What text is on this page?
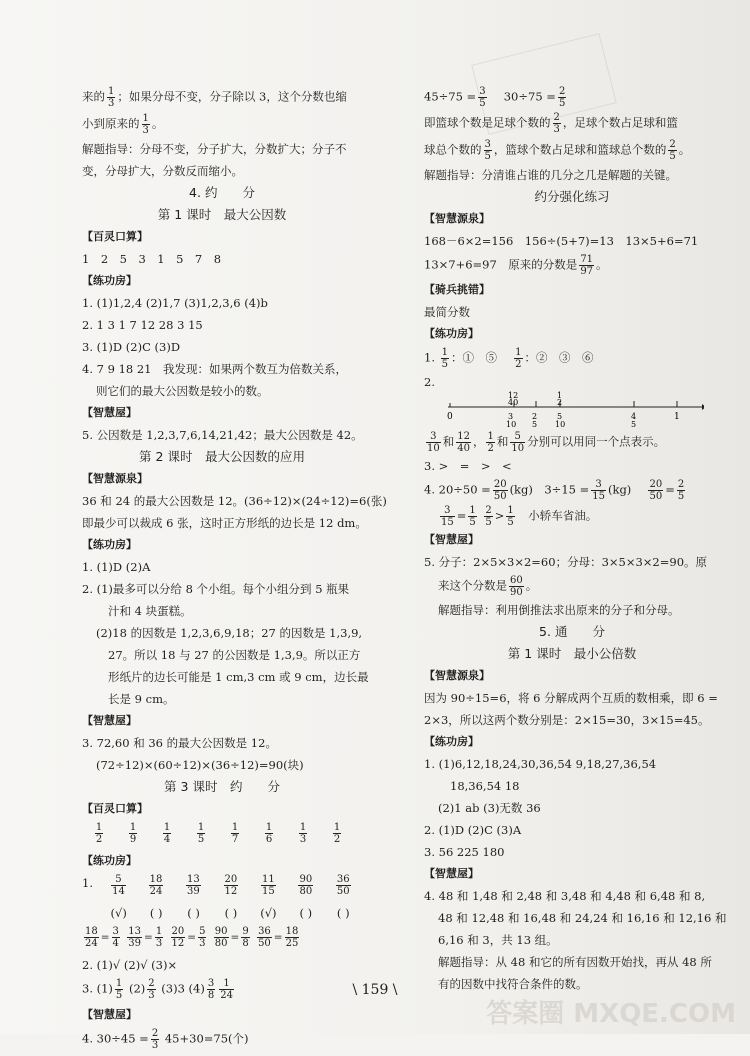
来的 $\frac{1}{3}$ ；如果分母不变，分子除以 3，这个分数也缩
小到原来的 $\frac{1}{3}$ 。
解题指导：分母不变，分子扩大，分数扩大；分子不
变，分母扩大，分数反而缩小。
4. 约　　分
第 1 课时　最大公因数
【百灵口算】
1　2　5　3　1　5　7　8
【练功房】
1. (1)1,2,4 (2)1,7 (3)1,2,3,6 (4)b
2. 1 3 1 7 12 28 3 15
3. (1)D (2)C (3)D
4. 7 9 18 21　我发现：如果两个数互为倍数关系，
则它们的最大公因数是较小的数。
【智慧屋】
5. 公因数是 1,2,3,7,6,14,21,42；最大公因数是 42。
第 2 课时　最大公因数的应用
【智慧源泉】
36 和 24 的最大公因数是 12。(36÷12)×(24÷12)=6(张)
即最少可以裁成 6 张，这时正方形纸的边长是 12 dm。
【练功房】
1. (1)D (2)A
2. (1)最多可以分给 8 个小组。每个小组分到 5 瓶果
汁和 4 块蛋糕。
(2)18 的因数是 1,2,3,6,9,18；27 的因数是 1,3,9,
27。所以 18 与 27 的公因数是 1,3,9。所以正方
形纸片的边长可能是 1 cm,3 cm 或 9 cm，边长最
长是 9 cm。
【智慧屋】
3. 72,60 和 36 的最大公因数是 12。
(72÷12)×(60÷12)×(36÷12)=90(块)
第 3 课时　约　　分
【百灵口算】
$\frac{1}{2}$	$\frac{1}{9}$	$\frac{1}{4}$	$\frac{1}{5}$	$\frac{1}{7}$	$\frac{1}{6}$	$\frac{1}{3}$	$\frac{1}{2}$
【练功房】
1.	$\frac{5}{14} \frac{18}{24} \frac{13}{39} \frac{20}{12} \frac{11}{15} \frac{90}{80} \frac{36}{50}$
(√)	( )	( )	( )	(√)	( )	( )
$\frac{18}{24} = \frac{3}{4}$
$\frac{13}{39} = \frac{1}{3}$
$\frac{20}{12} = \frac{5}{3}$
$\frac{90}{80} = \frac{9}{8}$
$\frac{36}{50} = \frac{18}{25}$
2. (1)√ (2)√ (3)×
3. $(1) \frac{1}{5} (2) \frac{2}{3} (3)3$ $(4) \frac{3}{8} \frac{1}{24}$
【智慧屋】
4. $30\div 45 = \frac{2}{3} 45+30=75$(个)
$45\div 75 = \frac{3}{5}$ 　$30\div 75 = \frac{2}{5}$
即篮球个数是足球个数的 $\frac{2}{3}$ ，足球个数占足球和篮
球总个数的 $\frac{3}{5}$ ，篮球个数占足球和篮球总个数的 $\frac{2}{5}$ 。
解题指导：分清谁占谁的几分之几是解题的关键。
约分强化练习
【智慧源泉】
168－6×2=156　156÷(5+7)=13　13×5+6=71
13×7+6=97　原来的分数是 $\frac{71}{97}$ 。
【骑兵挑错】
最简分数
【练功房】
1. $\frac{1}{5}$ ：①　⑤ 　 $\frac{1}{2}$ ：②　③　⑥
2.
0	1
12
40
3
10
2
5
1
2
5
10
4
5
$\frac{3}{10}$ 和 $\frac{12}{40}$ ， $\frac{1}{2}$ 和 $\frac{5}{10}$ 分别可以用同一个点表示。
3. >　=　>　<
4. $20\div 50 = \frac{20}{50} (kg)$　$3\div 15 = \frac{3}{15} (kg)$ 　 $\frac{20}{50} = \frac{2}{5}$
$\frac{3}{15} = \frac{1}{5}$
$\frac{2}{5} > \frac{1}{5}$
　 小轿车省油。
【智慧屋】
5. 分子：2×5×3×2=60；分母：3×5×3×2=90。原
来这个分数是 $\frac{60}{90}$ 。
解题指导：利用倒推法求出原来的分子和分母。
5. 通　　分
第 1 课时　最小公倍数
【智慧源泉】
因为 90÷15=6，将 6 分解成两个互质的数相乘，即 6 =
2×3，所以这两个数分别是：2×15=30，3×15=45。
【练功房】
1. (1)6,12,18,24,30,36,54 9,18,27,36,54
18,36,54 18
(2)1 ab (3)无数 36
2. (1)D (2)C (3)A
3. 56 225 180
【智慧屋】
4. 48 和 1,48 和 2,48 和 3,48 和 4,48 和 6,48 和 8,
48 和 12,48 和 16,48 和 24,24 和 16,16 和 12,16 和
6,16 和 3，共 13 组。
解题指导：从 48 和它的所有因数开始找，再从 48 所
有的因数中找符合条件的数。
\ 159 \
答案圈 MXQE.COM
